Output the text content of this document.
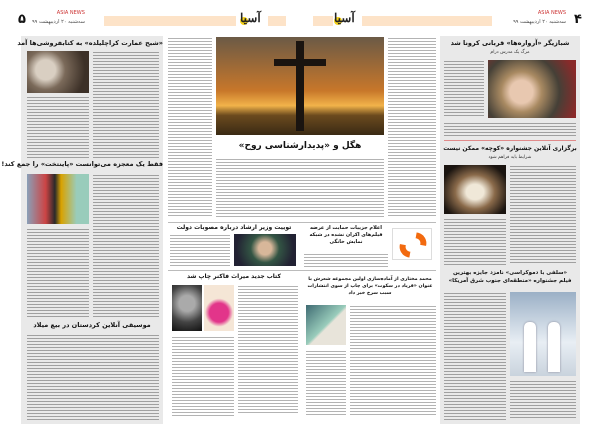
۵	ASIA NEWS
سه‌شنبه ۲۰ اردیبهشت ۹۹	آسیا	آسیا	ASIA NEWS
سه‌شنبه ۲۰ اردیبهشت ۹۹ ۴
«شبح عمارت کراچلیلده» به کتابفروشی‌ها آمد
فقط یک معجزه می‌توانست «پاینتخت» را جمع کند!
موسیقی آنلاین کردستان در بیع میلاد
هگل و «پدیدارشناسی روح»
توییت وزیر ارشاد درباره مصوبات دولت	اعلام جزییات حمایت از عرضه فیلم‌های اکران نشده در شبکه نمایش خانگی
کتاب جدید میراث فاکنر چاپ شد	محمد مختاری از آماده‌سازی اولین مجموعه شعرش با عنوان «فریاد در سکوت» برای چاپ از سوی انتشارات سبب سرخ خبر داد
شبازیگر «آرواره‌ها» قربانی کرونا شد
مرگ یک مدرس درام
برگزاری آنلاین جشنواره «کوچه» ممکن نیست
شرایط باید فراهم شود
«سلفی با دموکراسی» نامزد جایزه بهترین فیلم جشنواره «منطقه‌ای جنوب شرق آمریکا»
